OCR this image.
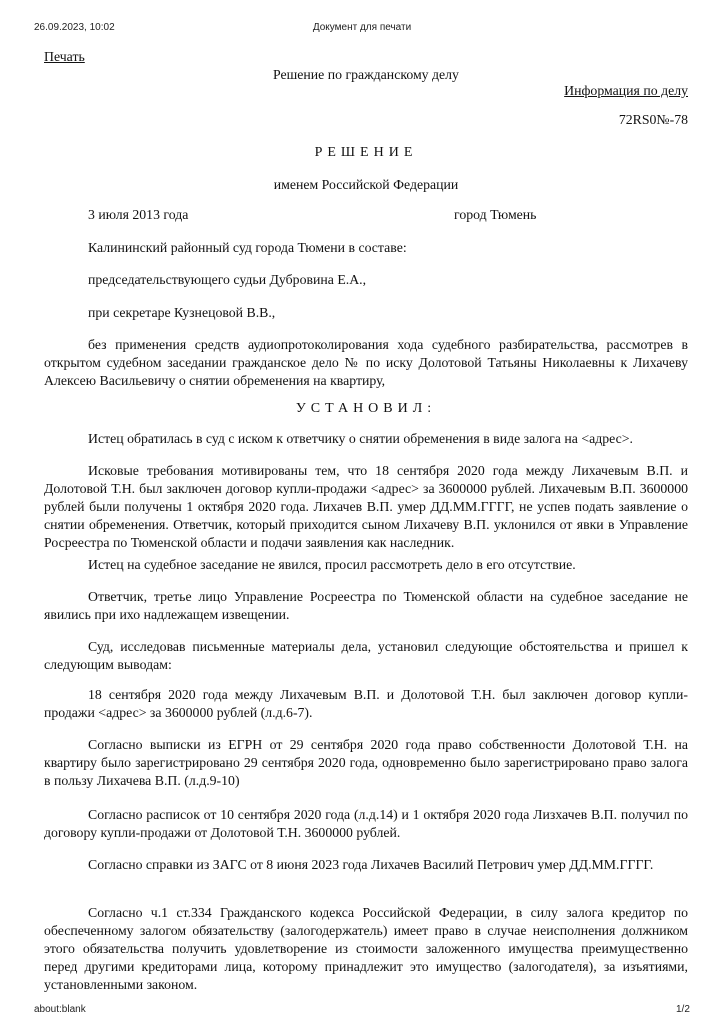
26.09.2023, 10:02	Документ для печати
about:blank	1/2
Печать
Решение по гражданскому делу
Информация по делу
72RS0№-78
РЕШЕНИЕ
именем Российской Федерации
3 июля 2013 года	город Тюмень
Калининский районный суд города Тюмени в составе:
председательствующего судьи Дубровина Е.А.,
при секретаре Кузнецовой В.В.,
без применения средств аудиопротоколирования хода судебного разбирательства, рассмотрев в открытом судебном заседании гражданское дело № по иску Долотовой Татьяны Николаевны к Лихачеву Алексею Васильевичу о снятии обременения на квартиру,
УСТАНОВИЛ:
Истец обратилась в суд с иском к ответчику о снятии обременения в виде залога на <адрес>.
Исковые требования мотивированы тем, что 18 сентября 2020 года между Лихачевым В.П. и Долотовой Т.Н. был заключен договор купли-продажи <адрес> за 3600000 рублей. Лихачевым В.П. 3600000 рублей были получены 1 октября 2020 года. Лихачев В.П. умер ДД.ММ.ГГГГ, не успев подать заявление о снятии обременения. Ответчик, который приходится сыном Лихачеву В.П. уклонился от явки в Управление Росреестра по Тюменской области и подачи заявления как наследник.
Истец на судебное заседание не явился, просил рассмотреть дело в его отсутствие.
Ответчик, третье лицо Управление Росреестра по Тюменской области на судебное заседание не явились при ихо надлежащем извещении.
Суд, исследовав письменные материалы дела, установил следующие обстоятельства и пришел к следующим выводам:
18 сентября 2020 года между Лихачевым В.П. и Долотовой Т.Н. был заключен договор купли-продажи <адрес> за 3600000 рублей (л.д.6-7).
Согласно выписки из ЕГРН от 29 сентября 2020 года право собственности Долотовой Т.Н. на квартиру было зарегистрировано 29 сентября 2020 года, одновременно было зарегистрировано право залога в пользу Лихачева В.П. (л.д.9-10)
Согласно расписок от 10 сентября 2020 года (л.д.14) и 1 октября 2020 года Лизхачев В.П. получил по договору купли-продажи от Долотовой Т.Н. 3600000 рублей.
Согласно справки из ЗАГС от 8 июня 2023 года Лихачев Василий Петрович умер ДД.ММ.ГГГГ.
Согласно ч.1 ст.334 Гражданского кодекса Российской Федерации, в силу залога кредитор по обеспеченному залогом обязательству (залогодержатель) имеет право в случае неисполнения должником этого обязательства получить удовлетворение из стоимости заложенного имущества преимущественно перед другими кредиторами лица, которому принадлежит это имущество (залогодателя), за изъятиями, установленными законом.
